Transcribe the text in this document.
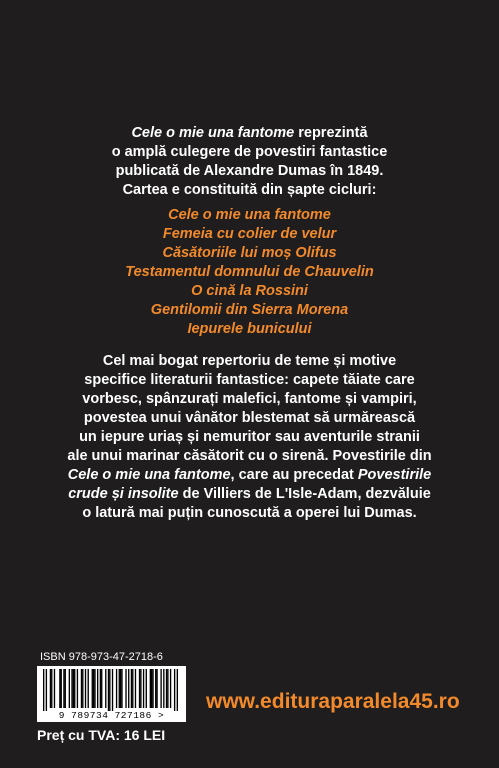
Cele o mie una fantome reprezintă
o amplă culegere de povestiri fantastice
publicată de Alexandre Dumas în 1849.
Cartea e constituită din șapte cicluri:
Cele o mie una fantome
Femeia cu colier de velur
Căsătoriile lui moș Olifus
Testamentul domnului de Chauvelin
O cină la Rossini
Gentilomii din Sierra Morena
Iepurele bunicului
Cel mai bogat repertoriu de teme și motive
specifice literaturii fantastice: capete tăiate care
vorbesc, spânzurați malefici, fantome și vampiri,
povestea unui vânător blestemat să urmărească
un iepure uriaș și nemuritor sau aventurile stranii
ale unui marinar căsătorit cu o sirenă. Povestirile din
Cele o mie una fantome, care au precedat Povestirile
crude și insolite de Villiers de L'Isle-Adam, dezvăluie
o latură mai puțin cunoscută a operei lui Dumas.
ISBN 978-973-47-2718-6
9 789734 727186 >
Preț cu TVA: 16 LEI
www.edituraparalela45.ro
